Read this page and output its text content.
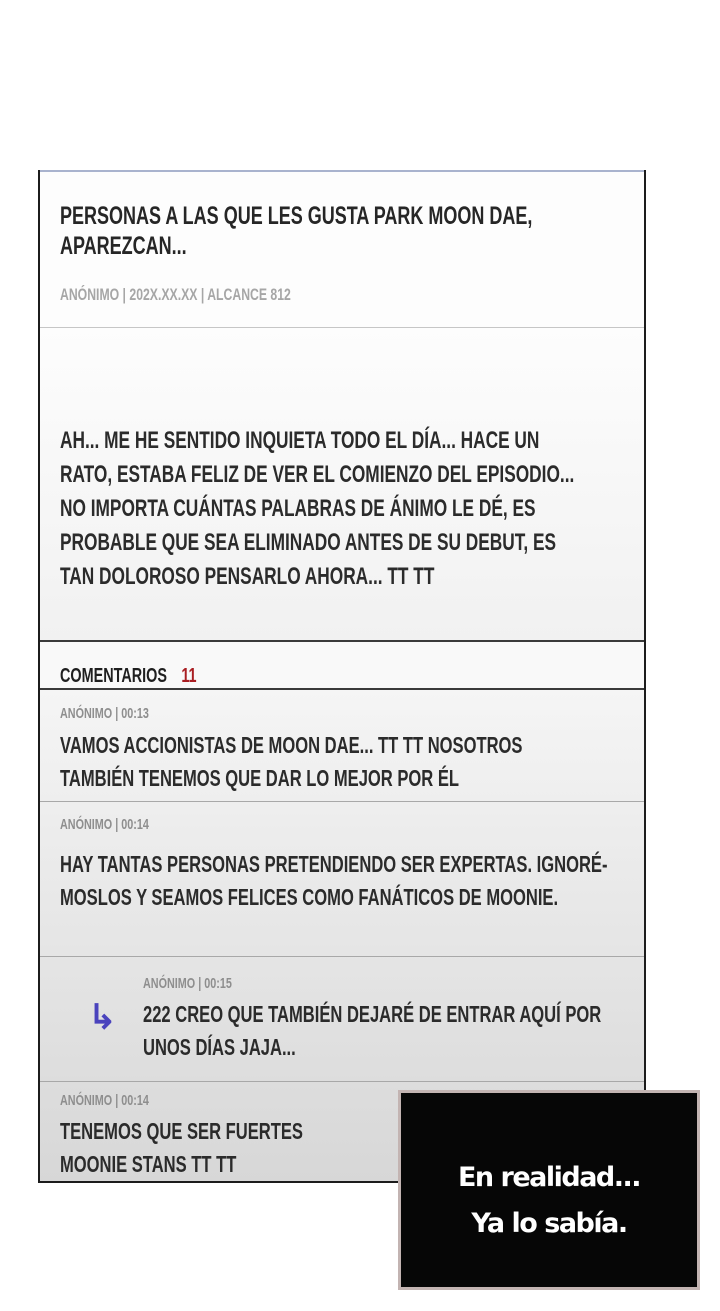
PERSONAS A LAS QUE LES GUSTA PARK MOON DAE, APAREZCAN...
ANÓNIMO | 202X.XX.XX | ALCANCE 812

AH... ME HE SENTIDO INQUIETA TODO EL DÍA... HACE UN
RATO, ESTABA FELIZ DE VER EL COMIENZO DEL EPISODIO...
NO IMPORTA CUÁNTAS PALABRAS DE ÁNIMO LE DÉ, ES
PROBABLE QUE SEA ELIMINADO ANTES DE SU DEBUT, ES
TAN DOLOROSO PENSARLO AHORA... TT TT

COMENTARIOS 11

ANÓNIMO | 00:13
VAMOS ACCIONISTAS DE MOON DAE... TT TT NOSOTROS
TAMBIÉN TENEMOS QUE DAR LO MEJOR POR ÉL
ANÓNIMO | 00:14
HAY TANTAS PERSONAS PRETENDIENDO SER EXPERTAS. IGNORÉ-
MOSLOS Y SEAMOS FELICES COMO FANÁTICOS DE MOONIE.
↳
ANÓNIMO | 00:15
222 CREO QUE TAMBIÉN DEJARÉ DE ENTRAR AQUÍ POR
UNOS DÍAS JAJA...
ANÓNIMO | 00:14
TENEMOS QUE SER FUERTES
MOONIE STANS TT TT	En realidad...
Ya lo sabía.
